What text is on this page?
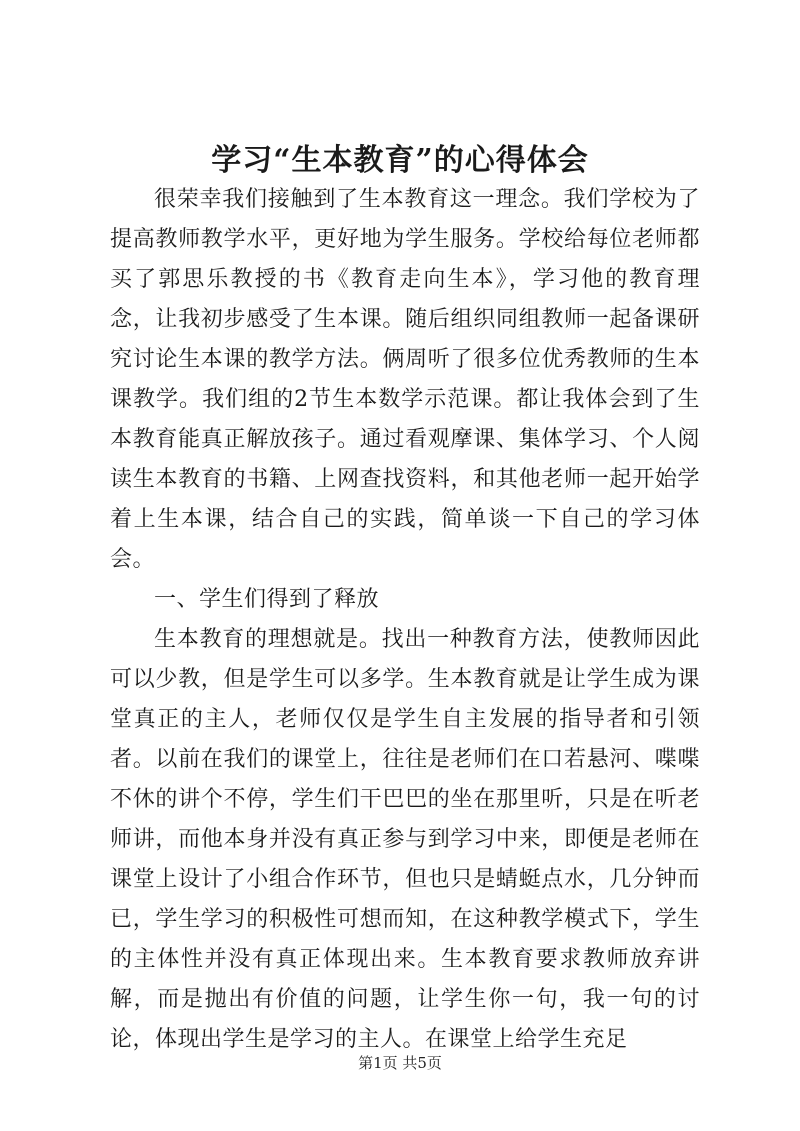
学习“生本教育”的心得体会

很荣幸我们接触到了生本教育这一理念。我们学校为了提高教师教学水平，更好地为学生服务。学校给每位老师都买了郭思乐教授的书《教育走向生本》，学习他的教育理念，让我初步感受了生本课。随后组织同组教师一起备课研究讨论生本课的教学方法。俩周听了很多位优秀教师的生本课教学。我们组的2节生本数学示范课。都让我体会到了生本教育能真正解放孩子。通过看观摩课、集体学习、个人阅读生本教育的书籍、上网查找资料，和其他老师一起开始学着上生本课，结合自己的实践，简单谈一下自己的学习体会。

一、学生们得到了释放

生本教育的理想就是。找出一种教育方法，使教师因此可以少教，但是学生可以多学。生本教育就是让学生成为课堂真正的主人，老师仅仅是学生自主发展的指导者和引领者。以前在我们的课堂上，往往是老师们在口若悬河、喋喋不休的讲个不停，学生们干巴巴的坐在那里听，只是在听老师讲，而他本身并没有真正参与到学习中来，即便是老师在课堂上设计了小组合作环节，但也只是蜻蜓点水，几分钟而已，学生学习的积极性可想而知，在这种教学模式下，学生的主体性并没有真正体现出来。生本教育要求教师放弃讲解，而是抛出有价值的问题，让学生你一句，我一句的讨论，体现出学生是学习的主人。在课堂上给学生充足

第1页 共5页
